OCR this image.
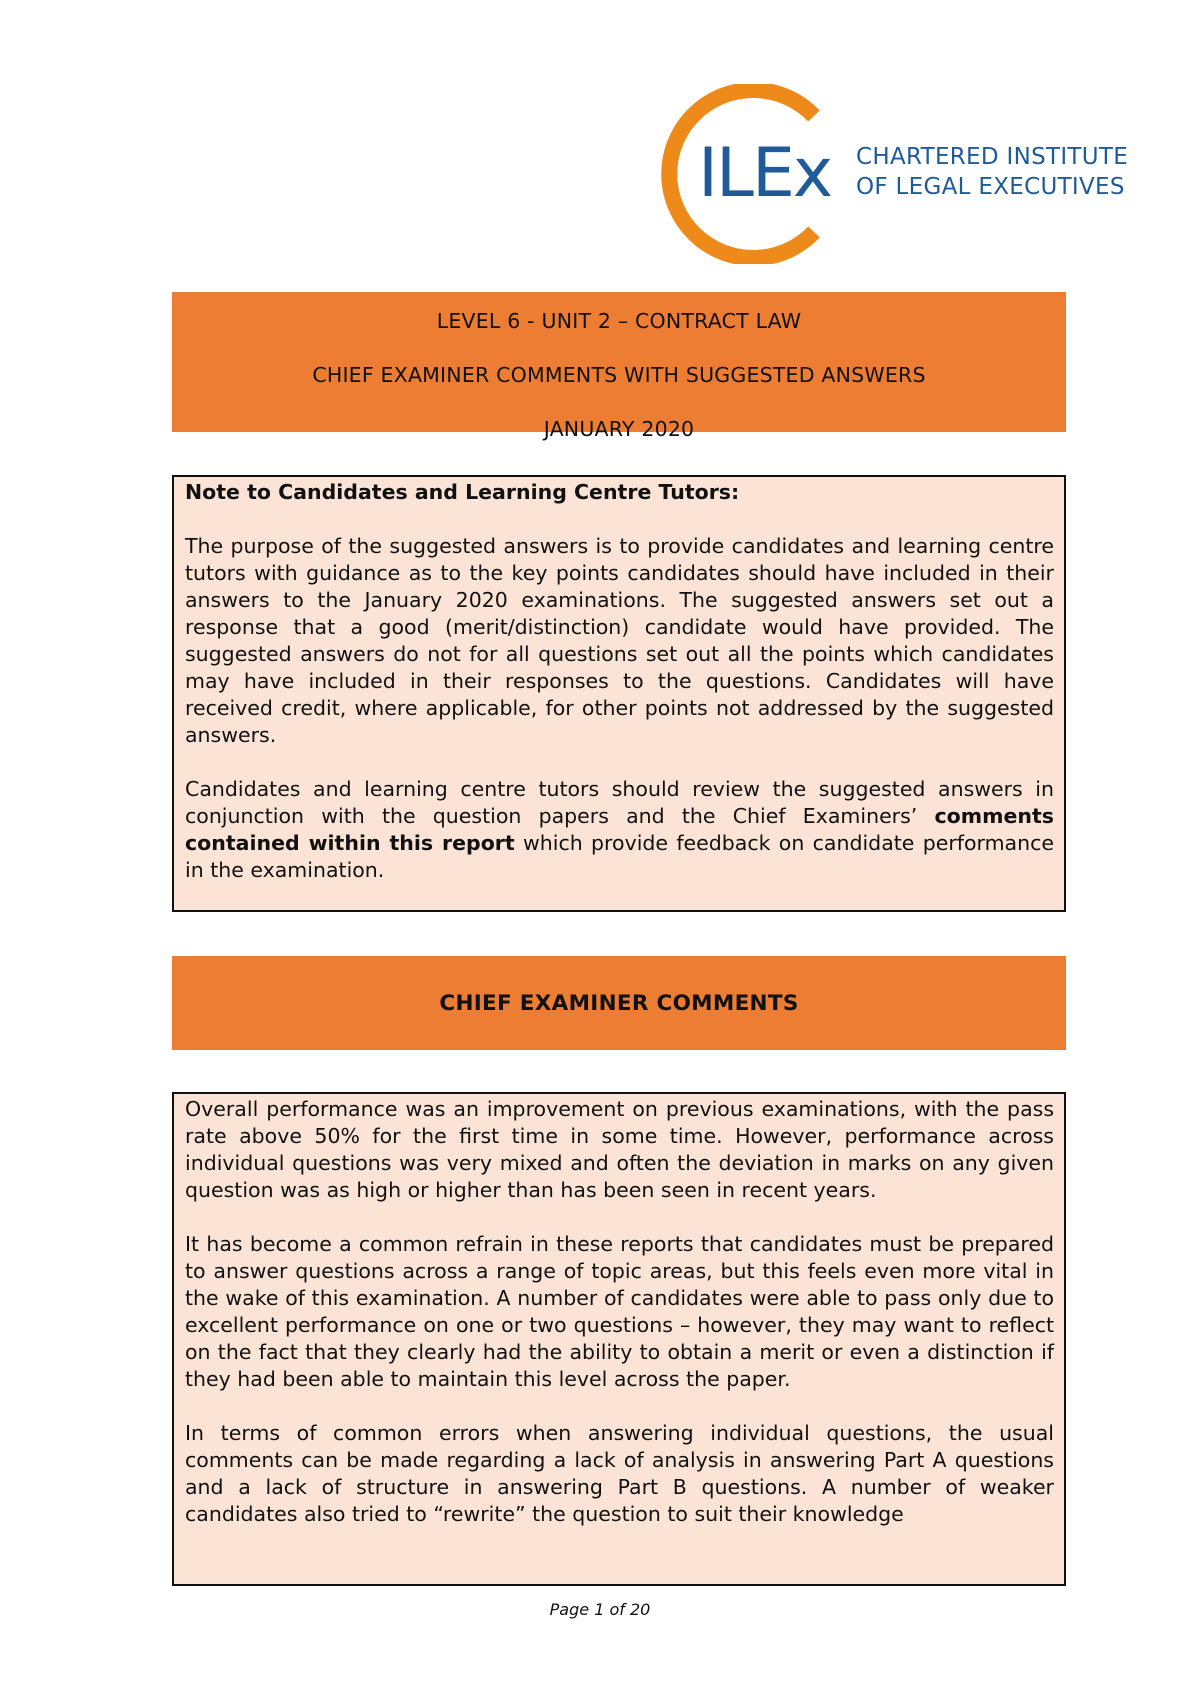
ILEx CHARTERED INSTITUTE
OF LEGAL EXECUTIVES
LEVEL 6 - UNIT 2 – CONTRACT LAW
CHIEF EXAMINER COMMENTS WITH SUGGESTED ANSWERS
JANUARY 2020
Note to Candidates and Learning Centre Tutors:

The purpose of the suggested answers is to provide candidates and learning centre tutors with guidance as to the key points candidates should have included in their answers to the January 2020 examinations. The suggested answers set out a response that a good (merit/distinction) candidate would have provided. The suggested answers do not for all questions set out all the points which candidates may have included in their responses to the questions. Candidates will have received credit, where applicable, for other points not addressed by the suggested answers.

Candidates and learning centre tutors should review the suggested answers in conjunction with the question papers and the Chief Examiners’ comments contained within this report which provide feedback on candidate performance in the examination.

CHIEF EXAMINER COMMENTS

Overall performance was an improvement on previous examinations, with the pass rate above 50% for the first time in some time. However, performance across individual questions was very mixed and often the deviation in marks on any given question was as high or higher than has been seen in recent years.

It has become a common refrain in these reports that candidates must be prepared to answer questions across a range of topic areas, but this feels even more vital in the wake of this examination. A number of candidates were able to pass only due to excellent performance on one or two questions – however, they may want to reflect on the fact that they clearly had the ability to obtain a merit or even a distinction if they had been able to maintain this level across the paper.

In terms of common errors when answering individual questions, the usual comments can be made regarding a lack of analysis in answering Part A questions and a lack of structure in answering Part B questions. A number of weaker candidates also tried to “rewrite” the question to suit their knowledge

Page 1 of 20
